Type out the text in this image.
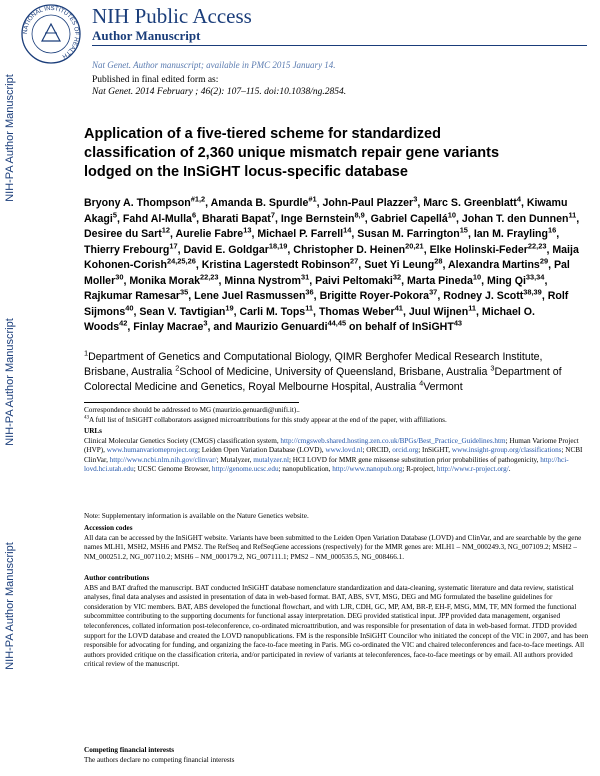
NATIONAL INSTITUTES OF HEALTH
NIH Public Access
Author Manuscript
Nat Genet. Author manuscript; available in PMC 2015 January 14.
Published in final edited form as:
Nat Genet. 2014 February ; 46(2): 107–115. doi:10.1038/ng.2854.
NIH-PA Author Manuscript
NIH-PA Author Manuscript
NIH-PA Author Manuscript
Application of a five-tiered scheme for standardized classification of 2,360 unique mismatch repair gene variants lodged on the InSiGHT locus-specific database
Bryony A. Thompson$^{\#1,2}$, Amanda B. Spurdle$^{\#1}$, John-Paul Plazzer$^3$, Marc S. Greenblatt$^4$, Kiwamu Akagi$^5$, Fahd Al-Mulla$^6$, Bharati Bapat$^7$, Inge Bernstein$^{8,9}$, Gabriel Capellá$^{10}$, Johan T. den Dunnen$^{11}$, Desiree du Sart$^{12}$, Aurelie Fabre$^{13}$, Michael P. Farrell$^{14}$, Susan M. Farrington$^{15}$, Ian M. Frayling$^{16}$, Thierry Frebourg$^{17}$, David E. Goldgar$^{18,19}$, Christopher D. Heinen$^{20,21}$, Elke Holinski-Feder$^{22,23}$, Maija Kohonen-Corish$^{24,25,26}$, Kristina Lagerstedt Robinson$^{27}$, Suet Yi Leung$^{28}$, Alexandra Martins$^{29}$, Pal Moller$^{30}$, Monika Morak$^{22,23}$, Minna Nystrom$^{31}$, Paivi Peltomaki$^{32}$, Marta Pineda$^{10}$, Ming Qi$^{33,34}$, Rajkumar Ramesar$^{35}$, Lene Juel Rasmussen$^{36}$, Brigitte Royer-Pokora$^{37}$, Rodney J. Scott$^{38,39}$, Rolf Sijmons$^{40}$, Sean V. Tavtigian$^{19}$, Carli M. Tops$^{11}$, Thomas Weber$^{41}$, Juul Wijnen$^{11}$, Michael O. Woods$^{42}$, Finlay Macrae$^3$, and Maurizio Genuardi$^{44,45}$ on behalf of InSiGHT$^{43}$
$^1$Department of Genetics and Computational Biology, QIMR Berghofer Medical Research Institute, Brisbane, Australia $^2$School of Medicine, University of Queensland, Brisbane, Australia $^3$Department of Colorectal Medicine and Genetics, Royal Melbourne Hospital, Australia $^4$Vermont
Correspondence should be addressed to MG (maurizio.genuardi@unifi.it)..
$^{43}$A full list of InSiGHT collaborators assigned microattributions for this study appear at the end of the paper, with affiliations.
URLs
Clinical Molecular Genetics Society (CMGS) classification system, http://cmgsweb.shared.hosting.zen.co.uk/BPGs/Best_Practice_Guidelines.htm; Human Variome Project (HVP), www.humanvariomeproject.org; Leiden Open Variation Database (LOVD), www.lovd.nl; ORCID, orcid.org; InSiGHT, www.insight-group.org/classifications; NCBI ClinVar, http://www.ncbi.nlm.nih.gov/clinvar/; Mutalyzer, mutalyzer.nl; HCI LOVD for MMR gene missense substitution prior probabilities of pathogenicity, http://hci-lovd.hci.utah.edu; UCSC Genome Browser, http://genome.ucsc.edu; nanopublication, http://www.nanopub.org; R-project, http://www.r-project.org/.
Note: Supplementary information is available on the Nature Genetics website.
Accession codes
All data can be accessed by the InSiGHT website. Variants have been submitted to the Leiden Open Variation Database (LOVD) and ClinVar, and are searchable by the gene names MLH1, MSH2, MSH6 and PMS2. The RefSeq and RefSeqGene accessions (respectively) for the MMR genes are: MLH1 – NM_000249.3, NG_007109.2; MSH2 – NM_000251.2, NG_007110.2; MSH6 – NM_000179.2, NG_007111.1; PMS2 – NM_000535.5, NG_008466.1.
Author contributions
ABS and BAT drafted the manuscript. BAT conducted InSiGHT database nomenclature standardization and data-cleaning, systematic literature and data review, statistical analyses, final data analyses and assisted in presentation of data in web-based format. BAT, ABS, SVT, MSG, DEG and MG formulated the baseline guidelines for consideration by VIC members. BAT, ABS developed the functional flowchart, and with LJR, CDH, GC, MP, AM, BR-P, EH-F, MSG, MM, TF, MN formed the functional subcommittee contributing to the supporting documents for functional assay interpretation. DEG provided statistical input. JPP provided data management, organised teleconferences, collated information post-teleconference, co-ordinated microattribution, and was responsible for presentation of data in web-based format. JTDD provided support for the LOVD database and created the LOVD nanopublications. FM is the responsible InSiGHT Councilor who initiated the concept of the VIC in 2007, and has been responsible for advocating for funding, and organizing the face-to-face meeting in Paris. MG co-ordinated the VIC and chaired teleconferences and face-to-face meetings. All authors provided critique on the classification criteria, and/or participated in review of variants at teleconferences, face-to-face meetings or by email. All authors provided critical review of the manuscript.
Competing financial interests
The authors declare no competing financial interests
